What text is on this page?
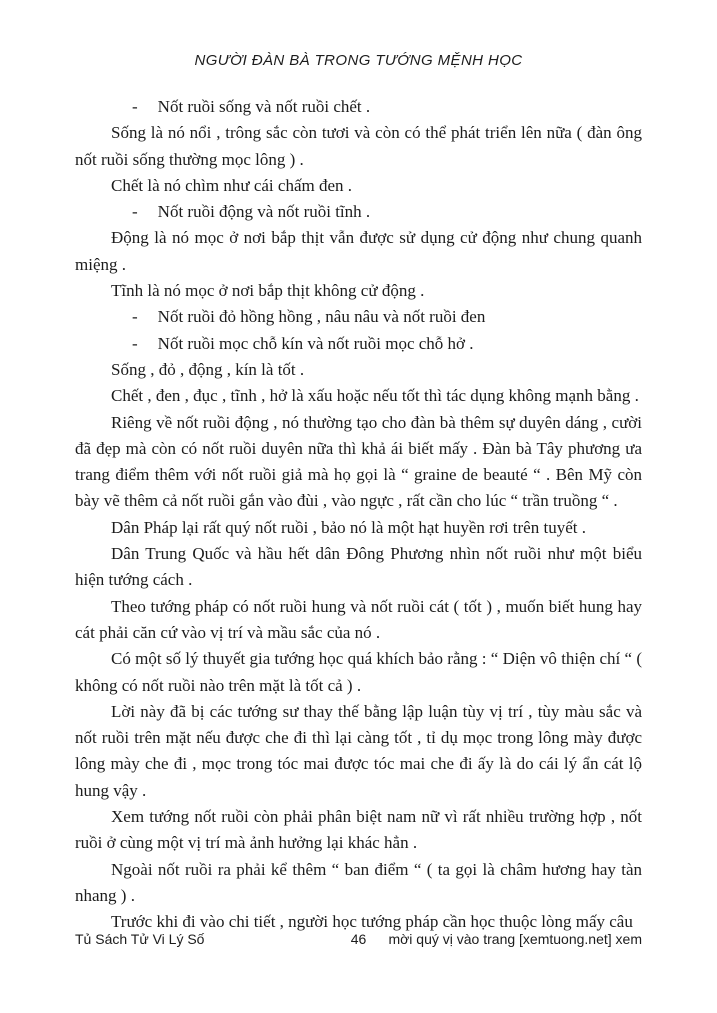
NGƯỜI ĐÀN BÀ TRONG TƯỚNG MỆNH HỌC

- Nốt ruồi sống và nốt ruồi chết .

Sống là nó nổi , trông sắc còn tươi và còn có thể phát triển lên nữa ( đàn ông nốt ruồi sống thường mọc lông ) .

Chết là nó chìm như cái chấm đen .

- Nốt ruồi động và nốt ruồi tĩnh .

Động là nó mọc ở nơi bắp thịt vẫn được sử dụng cử động như chung quanh miệng .

Tĩnh là nó mọc ở nơi bắp thịt không cử động .

- Nốt ruồi đỏ hồng hồng , nâu nâu và nốt ruồi đen

- Nốt ruồi mọc chỗ kín và nốt ruồi mọc chỗ hở .

Sống , đỏ , động , kín là tốt .

Chết , đen , đục , tĩnh , hở là xấu hoặc nếu tốt thì tác dụng không mạnh bằng .

Riêng về nốt ruồi động , nó thường tạo cho đàn bà thêm sự duyên dáng , cười đã đẹp mà còn có nốt ruồi duyên nữa thì khả ái biết mấy . Đàn bà Tây phương ưa trang điểm thêm với nốt ruồi giả mà họ gọi là “ graine de beauté “ . Bên Mỹ còn bày vẽ thêm cả nốt ruồi gắn vào đùi , vào ngực , rất cần cho lúc “ trần truồng “ .

Dân Pháp lại rất quý nốt ruồi , bảo nó là một hạt huyền rơi trên tuyết .

Dân Trung Quốc và hầu hết dân Đông Phương nhìn nốt ruồi như một biểu hiện tướng cách .

Theo tướng pháp có nốt ruồi hung và nốt ruồi cát ( tốt ) , muốn biết hung hay cát phải căn cứ vào vị trí và mầu sắc của nó .

Có một số lý thuyết gia tướng học quá khích bảo rằng : “ Diện vô thiện chí “ ( không có nốt ruồi nào trên mặt là tốt cả ) .

Lời này đã bị các tướng sư thay thế bằng lập luận tùy vị trí , tùy màu sắc và nốt ruồi trên mặt nếu được che đi thì lại càng tốt , tỉ dụ mọc trong lông mày được lông mày che đi , mọc trong tóc mai được tóc mai che đi ấy là do cái lý ẩn cát lộ hung vậy .

Xem tướng nốt ruồi còn phải phân biệt nam nữ vì rất nhiều trường hợp , nốt ruồi ở cùng một vị trí mà ảnh hưởng lại khác hẳn .

Ngoài nốt ruồi ra phải kể thêm “ ban điểm “ ( ta gọi là châm hương hay tàn nhang ) .

Trước khi đi vào chi tiết , người học tướng pháp cần học thuộc lòng mấy câu

46
Tủ Sách Tử Vi Lý Số	mời quý vị vào trang [xemtuong.net] xem
